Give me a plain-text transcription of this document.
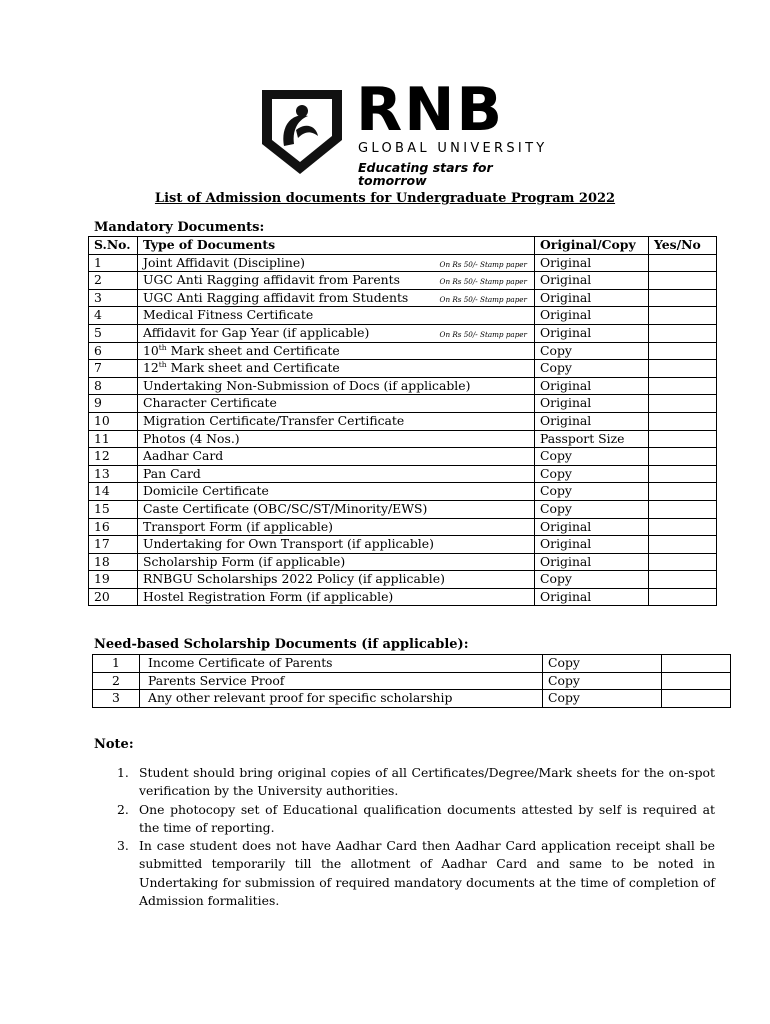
RNB
GLOBAL UNIVERSITY
Educating stars for tomorrow
List of Admission documents for Undergraduate Program 2022
Mandatory Documents:
S.No.	Type of Documents	Original/Copy	Yes/No
1	Joint Affidavit (Discipline) On Rs 50/- Stamp paper	Original	
2	UGC Anti Ragging affidavit from Parents On Rs 50/- Stamp paper	Original	
3	UGC Anti Ragging affidavit from Students On Rs 50/- Stamp paper	Original	
4	Medical Fitness Certificate	Original	
5	Affidavit for Gap Year (if applicable) On Rs 50/- Stamp paper	Original	
6	10th Mark sheet and Certificate	Copy	
7	12th Mark sheet and Certificate	Copy	
8	Undertaking Non-Submission of Docs (if applicable)	Original	
9	Character Certificate	Original	
10	Migration Certificate/Transfer Certificate	Original	
11	Photos (4 Nos.)	Passport Size	
12	Aadhar Card	Copy	
13	Pan Card	Copy	
14	Domicile Certificate	Copy	
15	Caste Certificate (OBC/SC/ST/Minority/EWS)	Copy	
16	Transport Form (if applicable)	Original	
17	Undertaking for Own Transport (if applicable)	Original	
18	Scholarship Form (if applicable)	Original	
19	RNBGU Scholarships 2022 Policy (if applicable)	Copy	
20	Hostel Registration Form (if applicable)	Original	
Need-based Scholarship Documents (if applicable):
1	Income Certificate of Parents	Copy	
2	Parents Service Proof	Copy	
3	Any other relevant proof for specific scholarship	Copy	
Note:
1. Student should bring original copies of all Certificates/Degree/Mark sheets for the on-spot verification by the University authorities.
2. One photocopy set of Educational qualification documents attested by self is required at the time of reporting.
3. In case student does not have Aadhar Card then Aadhar Card application receipt shall be submitted temporarily till the allotment of Aadhar Card and same to be noted in Undertaking for submission of required mandatory documents at the time of completion of Admission formalities.
